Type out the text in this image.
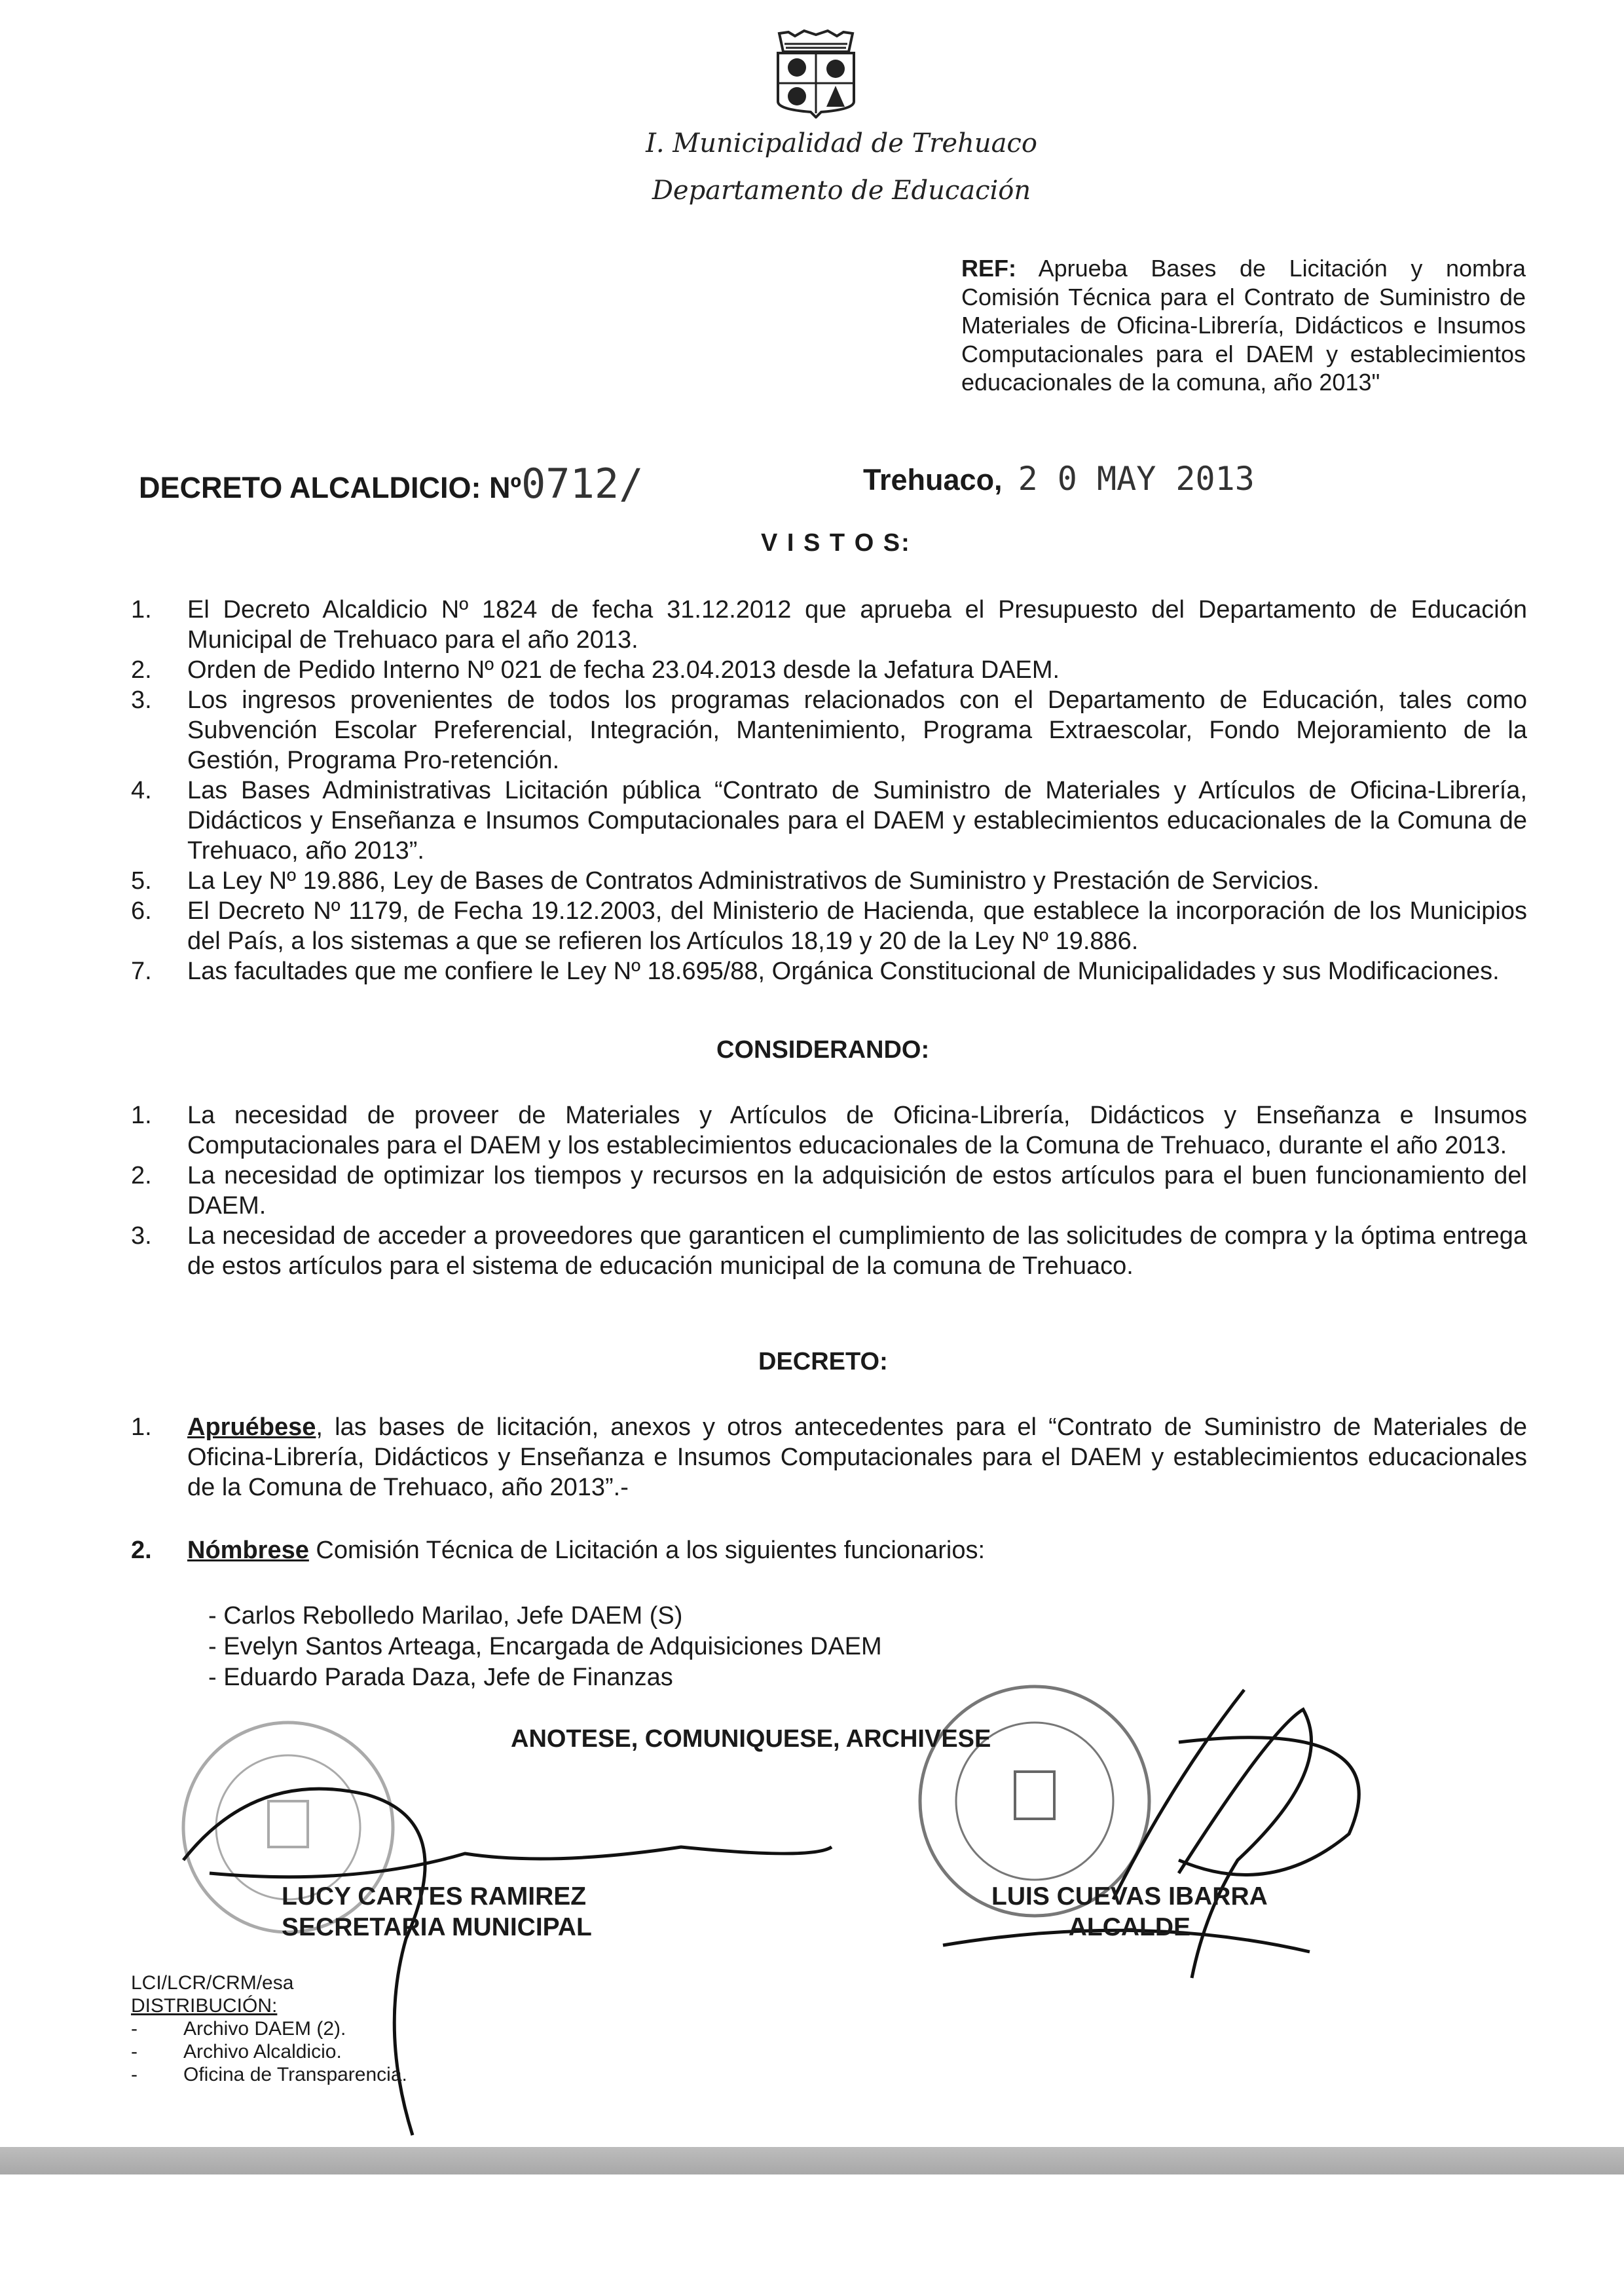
I. Municipalidad de Trehuaco
Departamento de Educación
REF: Aprueba Bases de Licitación y nombra Comisión Técnica para el Contrato de Suministro de Materiales de Oficina-Librería, Didácticos e Insumos Computacionales para el DAEM y establecimientos educacionales de la comuna, año 2013"
DECRETO ALCALDICIO: Nº 0712/	Trehuaco, 2 0 MAY 2013
V I S T O S:
1.	El Decreto Alcaldicio Nº 1824 de fecha 31.12.2012 que aprueba el Presupuesto del Departamento de Educación Municipal de Trehuaco para el año 2013.
2.	Orden de Pedido Interno Nº 021 de fecha 23.04.2013 desde la Jefatura DAEM.
3.	Los ingresos provenientes de todos los programas relacionados con el Departamento de Educación, tales como Subvención Escolar Preferencial, Integración, Mantenimiento, Programa Extraescolar, Fondo Mejoramiento de la Gestión, Programa Pro-retención.
4.	Las Bases Administrativas Licitación pública “Contrato de Suministro de Materiales y Artículos de Oficina-Librería, Didácticos y Enseñanza e Insumos Computacionales para el DAEM y establecimientos educacionales de la Comuna de Trehuaco, año 2013”.
5.	La Ley Nº 19.886, Ley de Bases de Contratos Administrativos de Suministro y Prestación de Servicios.
6.	El Decreto Nº 1179, de Fecha 19.12.2003, del Ministerio de Hacienda, que establece la incorporación de los Municipios del País, a los sistemas a que se refieren los Artículos 18,19 y 20 de la Ley Nº 19.886.
7.	Las facultades que me confiere le Ley Nº 18.695/88, Orgánica Constitucional de Municipalidades y sus Modificaciones.
CONSIDERANDO:
1.	La necesidad de proveer de Materiales y Artículos de Oficina-Librería, Didácticos y Enseñanza e Insumos Computacionales para el DAEM y los establecimientos educacionales de la Comuna de Trehuaco, durante el año 2013.
2.	La necesidad de optimizar los tiempos y recursos en la adquisición de estos artículos para el buen funcionamiento del DAEM.
3.	La necesidad de acceder a proveedores que garanticen el cumplimiento de las solicitudes de compra y la óptima entrega de estos artículos para el sistema de educación municipal de la comuna de Trehuaco.
DECRETO:
1.	Apruébese, las bases de licitación, anexos y otros antecedentes para el “Contrato de Suministro de Materiales de Oficina-Librería, Didácticos y Enseñanza e Insumos Computacionales para el DAEM y establecimientos educacionales de la Comuna de Trehuaco, año 2013”.-
2.	Nómbrese Comisión Técnica de Licitación a los siguientes funcionarios:
- Carlos Rebolledo Marilao, Jefe DAEM (S)
- Evelyn Santos Arteaga, Encargada de Adquisiciones DAEM
- Eduardo Parada Daza, Jefe de Finanzas
ANOTESE, COMUNIQUESE, ARCHIVESE
LUCY CARTES RAMIREZ
SECRETARIA MUNICIPAL
LUIS CUEVAS IBARRA
ALCALDE
LCI/LCR/CRM/esa
DISTRIBUCIÓN:
-	Archivo DAEM (2).
-	Archivo Alcaldicio.
-	Oficina de Transparencia.
